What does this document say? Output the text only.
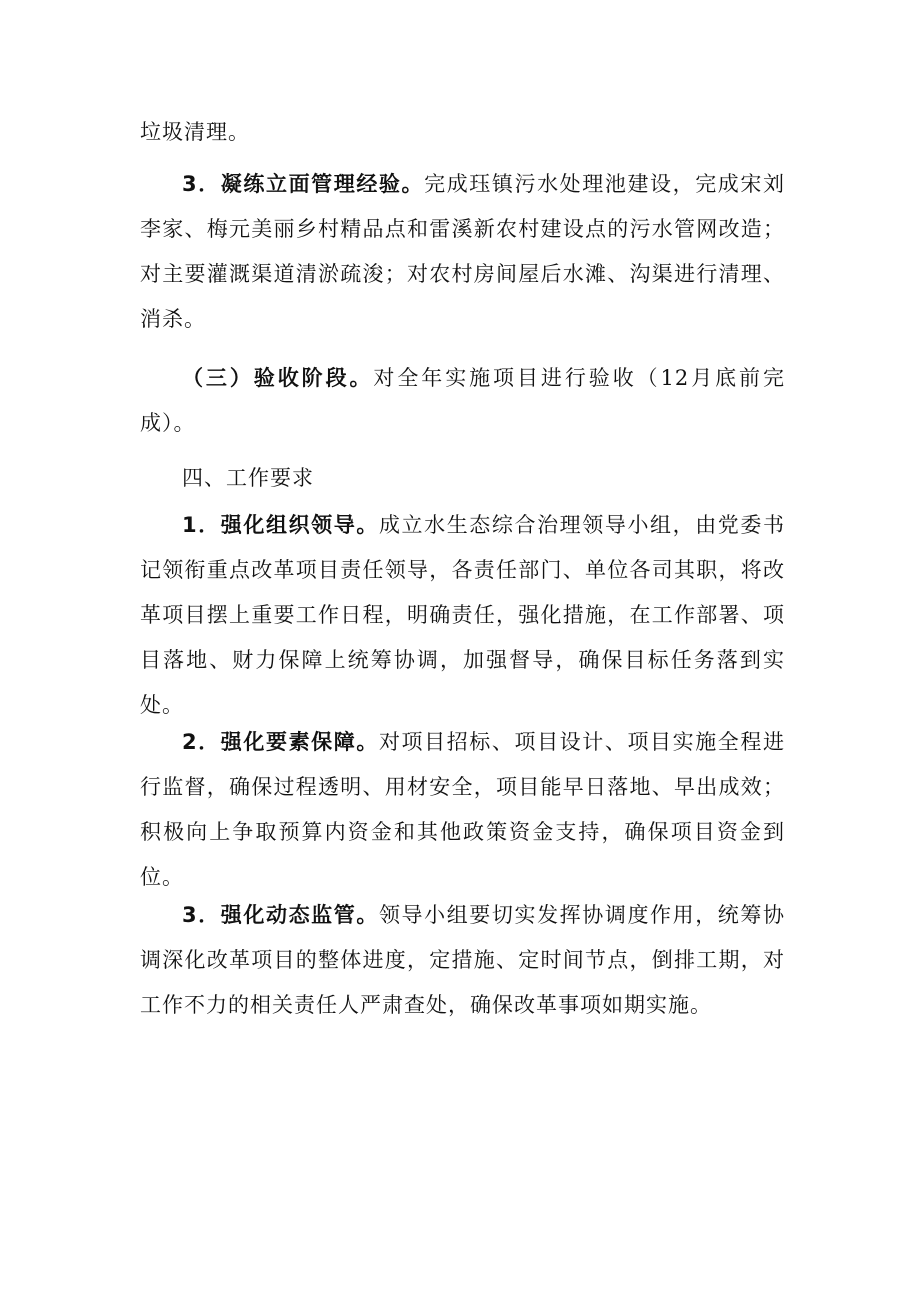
垃圾清理。

3．凝练立面管理经验。完成珏镇污水处理池建设，完成宋刘李家、梅元美丽乡村精品点和雷溪新农村建设点的污水管网改造；对主要灌溉渠道清淤疏浚；对农村房间屋后水滩、沟渠进行清理、消杀。

（三）验收阶段。对全年实施项目进行验收（12月底前完成）。

四、工作要求

1．强化组织领导。成立水生态综合治理领导小组，由党委书记领衔重点改革项目责任领导，各责任部门、单位各司其职，将改革项目摆上重要工作日程，明确责任，强化措施，在工作部署、项目落地、财力保障上统筹协调，加强督导，确保目标任务落到实处。

2．强化要素保障。对项目招标、项目设计、项目实施全程进行监督，确保过程透明、用材安全，项目能早日落地、早出成效；积极向上争取预算内资金和其他政策资金支持，确保项目资金到位。

3．强化动态监管。领导小组要切实发挥协调度作用，统筹协调深化改革项目的整体进度，定措施、定时间节点，倒排工期，对工作不力的相关责任人严肃查处，确保改革事项如期实施。
